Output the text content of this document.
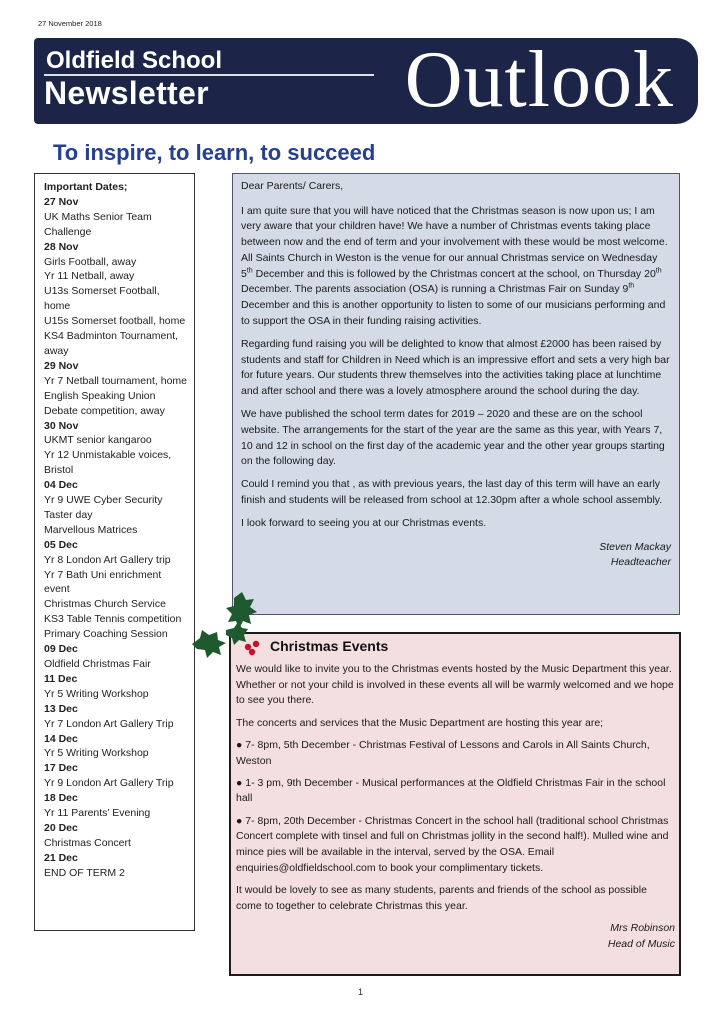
27 November 2018
Oldfield School
Newsletter Outlook
To inspire, to learn, to succeed
Important Dates;
27 Nov
UK Maths Senior Team Challenge
28 Nov
Girls Football, away
Yr 11 Netball, away
U13s Somerset Football, home
U15s Somerset football, home
KS4 Badminton Tournament, away
29 Nov
Yr 7 Netball tournament, home
English Speaking Union Debate competition, away
30 Nov
UKMT senior kangaroo
Yr 12 Unmistakable voices, Bristol
04 Dec
Yr 9 UWE Cyber Security Taster day
Marvellous Matrices
05 Dec
Yr 8 London Art Gallery trip
Yr 7 Bath Uni enrichment event
Christmas Church Service
KS3 Table Tennis competition
Primary Coaching Session
09 Dec
Oldfield Christmas Fair
11 Dec
Yr 5 Writing Workshop
13 Dec
Yr 7 London Art Gallery Trip
14 Dec
Yr 5 Writing Workshop
17 Dec
Yr 9 London Art Gallery Trip
18 Dec
Yr 11 Parents’ Evening
20 Dec
Christmas Concert
21 Dec
END OF TERM 2

Dear Parents/ Carers,

I am quite sure that you will have noticed that the Christmas season is now upon us; I am very aware that your children have! We have a number of Christmas events taking place between now and the end of term and your involvement with these would be most welcome. All Saints Church in Weston is the venue for our annual Christmas service on Wednesday 5th December and this is followed by the Christmas concert at the school, on Thursday 20th December. The parents association (OSA) is running a Christmas Fair on Sunday 9th December and this is another opportunity to listen to some of our musicians performing and to support the OSA in their funding raising activities.

Regarding fund raising you will be delighted to know that almost £2000 has been raised by students and staff for Children in Need which is an impressive effort and sets a very high bar for future years. Our students threw themselves into the activities taking place at lunchtime and after school and there was a lovely atmosphere around the school during the day.

We have published the school term dates for 2019 – 2020 and these are on the school website. The arrangements for the start of the year are the same as this year, with Years 7, 10 and 12 in school on the first day of the academic year and the other year groups starting on the following day.

Could I remind you that , as with previous years, the last day of this term will have an early finish and students will be released from school at 12.30pm after a whole school assembly.

I look forward to seeing you at our Christmas events.

Steven Mackay
Headteacher
Christmas Events

We would like to invite you to the Christmas events hosted by the Music Department this year. Whether or not your child is involved in these events all will be warmly welcomed and we hope to see you there.

The concerts and services that the Music Department are hosting this year are;

● 7- 8pm, 5th December - Christmas Festival of Lessons and Carols in All Saints Church, Weston

● 1- 3 pm, 9th December - Musical performances at the Oldfield Christmas Fair in the school hall

● 7- 8pm, 20th December - Christmas Concert in the school hall (traditional school Christmas Concert complete with tinsel and full on Christmas jollity in the second half!). Mulled wine and mince pies will be available in the interval, served by the OSA. Email enquiries@oldfieldschool.com to book your complimentary tickets.

It would be lovely to see as many students, parents and friends of the school as possible come to together to celebrate Christmas this year.

Mrs Robinson
Head of Music
1
